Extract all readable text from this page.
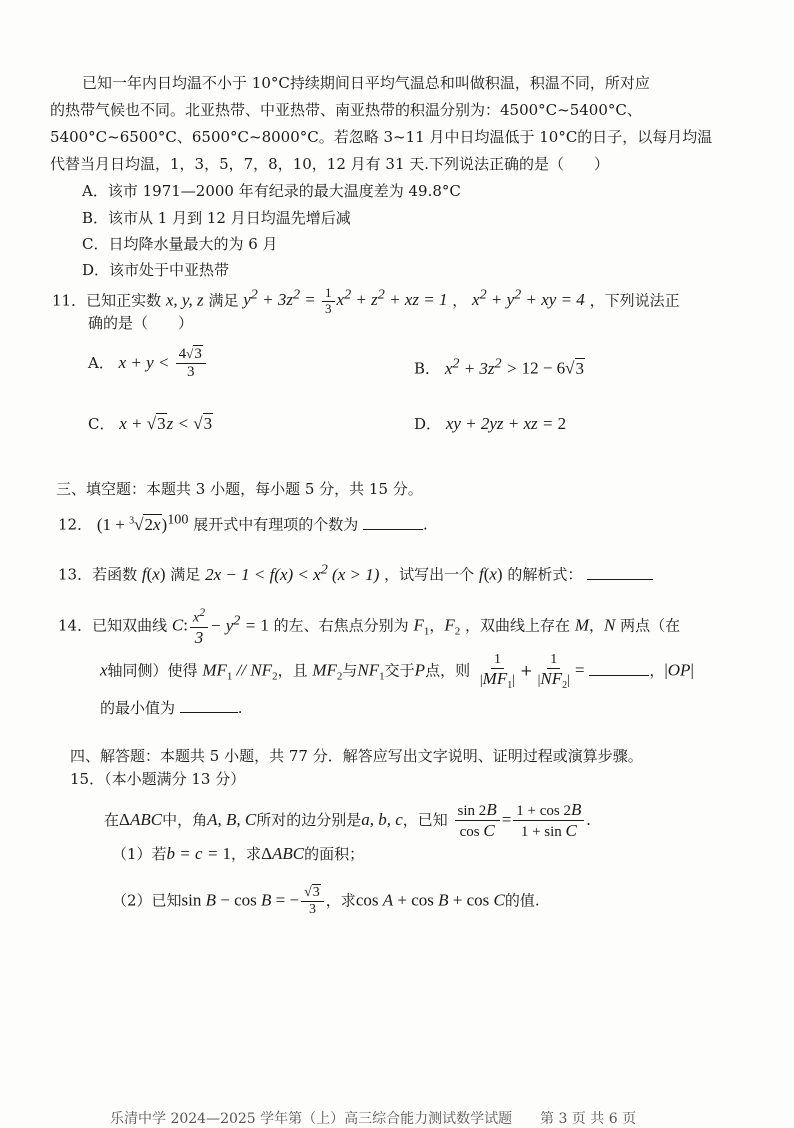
已知一年内日均温不小于 10°C持续期间日平均气温总和叫做积温，积温不同，所对应
的热带气候也不同。北亚热带、中亚热带、南亚热带的积温分别为：4500°C~5400°C、
5400°C~6500°C、6500°C~8000°C。若忽略 3~11 月中日均温低于 10°C的日子，以每月均温
代替当月日均温，1，3，5，7，8，10，12 月有 31 天.下列说法正确的是（　　）
A．该市 1971—2000 年有纪录的最大温度差为 49.8°C
B．该市从 1 月到 12 月日均温先增后减
C．日均降水量最大的为 6 月
D．该市处于中亚热带
11．已知正实数 x, y, z 满足 $y^2 + 3z^2 = \frac{1}{3} x^2 + z^2$ + xz = 1 ， $x^2 + y^2$ + xy = 4 ，下列说法正
确的是（　　）
A． $x + y < \frac{4√3}{3}$	B． $x^2 + 3z^2 > 12 - 6√3$
C． x + √3z < √3	D． xy + 2yz + xz = 2
三、填空题：本题共 3 小题，每小题 5 分，共 15 分。
12． $(1 + ^3√2x)^{100}$ 展开式中有理项的个数为	.
13．若函数 f(x) 满足 $2x - 1 < f(x) < x^2$ (x > 1) ，试写出一个 f(x) 的解析式：
14．已知双曲线 C: $\frac{x^2}{3} - y^2 = 1$ 的左、右焦点分别为 $F_1$，$F_2$ ，双曲线上存在 M，N 两点（在
x轴同侧）使得 $MF_1 // NF_2$，且 $MF_2$与$NF_1$交于P点，则 $\frac{1}{|MF_1|} + \frac{1}{|NF_2|}$ =	，|OP|
的最小值为	.
四、解答题：本题共 5 小题，共 77 分．解答应写出文字说明、证明过程或演算步骤。
15．（本小题满分 13 分）
在ΔABC中，角A, B, C所对的边分别是a, b, c，已知 $\frac{\sin 2B}{\text{cos C}} = \frac{1 + \cos 2B}{\text{1 + sin C}}$ .
（1）若b = c = 1，求ΔABC的面积；
（2）已知sin B − cos B = − $\frac{√3}{3}$ ，求cos A + cos B + cos C的值.
乐清中学 2024—2025 学年第（上）高三综合能力测试数学试题 第 3 页 共 6 页
